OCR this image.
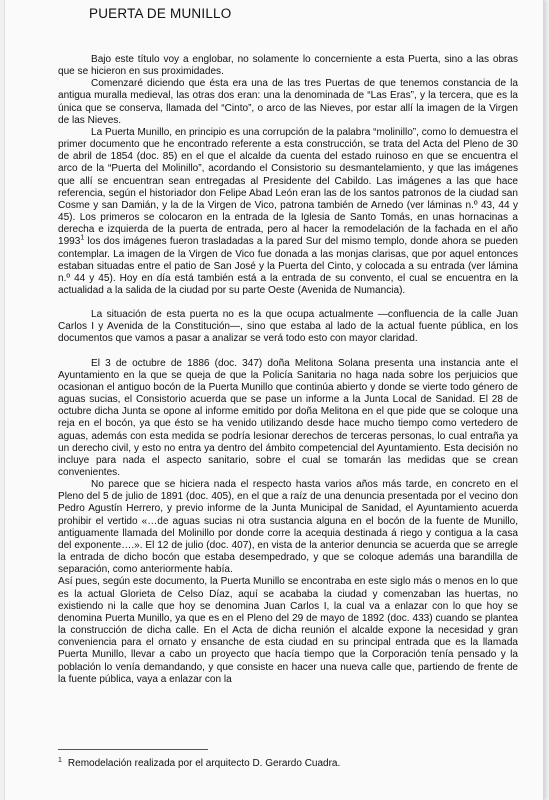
PUERTA DE MUNILLO

Bajo este título voy a englobar, no solamente lo concerniente a esta Puerta, sino a las obras que se hicieron en sus proximidades.

Comenzaré diciendo que ésta era una de las tres Puertas de que tenemos constancia de la antigua muralla medieval, las otras dos eran: una la denominada de “Las Eras”, y la tercera, que es la única que se conserva, llamada del “Cinto”, o arco de las Nieves, por estar allí la imagen de la Virgen de las Nieves.

La Puerta Munillo, en principio es una corrupción de la palabra “molinillo”, como lo demuestra el primer documento que he encontrado referente a esta construcción, se trata del Acta del Pleno de 30 de abril de 1854 (doc. 85) en el que el alcalde da cuenta del estado ruinoso en que se encuentra el arco de la “Puerta del Molinillo”, acordando el Consistorio su desmantelamiento, y que las imágenes que allí se encuentran sean entregadas al Presidente del Cabildo. Las imágenes a las que hace referencia, según el historiador don Felipe Abad León eran las de los santos patronos de la ciudad san Cosme y san Damián, y la de la Virgen de Vico, patrona también de Arnedo (ver láminas n.º 43, 44 y 45). Los primeros se colocaron en la entrada de la Iglesia de Santo Tomás, en unas hornacinas a derecha e izquierda de la puerta de entrada, pero al hacer la remodelación de la fachada en el año 1993$^1$ los dos imágenes fueron trasladadas a la pared Sur del mismo templo, donde ahora se pueden contemplar. La imagen de la Virgen de Vico fue donada a las monjas clarisas, que por aquel entonces estaban situadas entre el patio de San José y la Puerta del Cinto, y colocada a su entrada (ver lámina n.º 44 y 45). Hoy en día está también está a la entrada de su convento, el cual se encuentra en la actualidad a la salida de la ciudad por su parte Oeste (Avenida de Numancia).

La situación de esta puerta no es la que ocupa actualmente —confluencia de la calle Juan Carlos I y Avenida de la Constitución—, sino que estaba al lado de la actual fuente pública, en los documentos que vamos a pasar a analizar se verá todo esto con mayor claridad.

El 3 de octubre de 1886 (doc. 347) doña Melitona Solana presenta una instancia ante el Ayuntamiento en la que se queja de que la Policía Sanitaria no haga nada sobre los perjuicios que ocasionan el antiguo bocón de la Puerta Munillo que continúa abierto y donde se vierte todo género de aguas sucias, el Consistorio acuerda que se pase un informe a la Junta Local de Sanidad. El 28 de octubre dicha Junta se opone al informe emitido por doña Melitona en el que pide que se coloque una reja en el bocón, ya que ésto se ha venido utilizando desde hace mucho tiempo como vertedero de aguas, además con esta medida se podría lesionar derechos de terceras personas, lo cual entraña ya un derecho civil, y esto no entra ya dentro del ámbito competencial del Ayuntamiento. Esta decisión no incluye para nada el aspecto sanitario, sobre el cual se tomarán las medidas que se crean convenientes.

No parece que se hiciera nada el respecto hasta varios años más tarde, en concreto en el Pleno del 5 de julio de 1891 (doc. 405), en el que a raíz de una denuncia presentada por el vecino don Pedro Agustín Herrero, y previo informe de la Junta Municipal de Sanidad, el Ayuntamiento acuerda prohibir el vertido «…de aguas sucias ni otra sustancia alguna en el bocón de la fuente de Munillo, antiguamente llamada del Molinillo por donde corre la acequia destinada á riego y contigua a la casa del exponente….». El 12 de julio (doc. 407), en vista de la anterior denuncia se acuerda que se arregle la entrada de dicho bocón que estaba desempedrado, y que se coloque además una barandilla de separación, como anteriormente había.

Así pues, según este documento, la Puerta Munillo se encontraba en este siglo más o menos en lo que es la actual Glorieta de Celso Díaz, aquí se acababa la ciudad y comenzaban las huertas, no existiendo ni la calle que hoy se denomina Juan Carlos I, la cual va a enlazar con lo que hoy se denomina Puerta Munillo, ya que es en el Pleno del 29 de mayo de 1892 (doc. 433) cuando se plantea la construcción de dicha calle. En el Acta de dicha reunión el alcalde expone la necesidad y gran conveniencia para el ornato y ensanche de esta ciudad en su principal entrada que es la llamada Puerta Munillo, llevar a cabo un proyecto que hacía tiempo que la Corporación tenía pensado y la población lo venía demandando, y que consiste en hacer una nueva calle que, partiendo de frente de la fuente pública, vaya a enlazar con la

$^1$ Remodelación realizada por el arquitecto D. Gerardo Cuadra.
